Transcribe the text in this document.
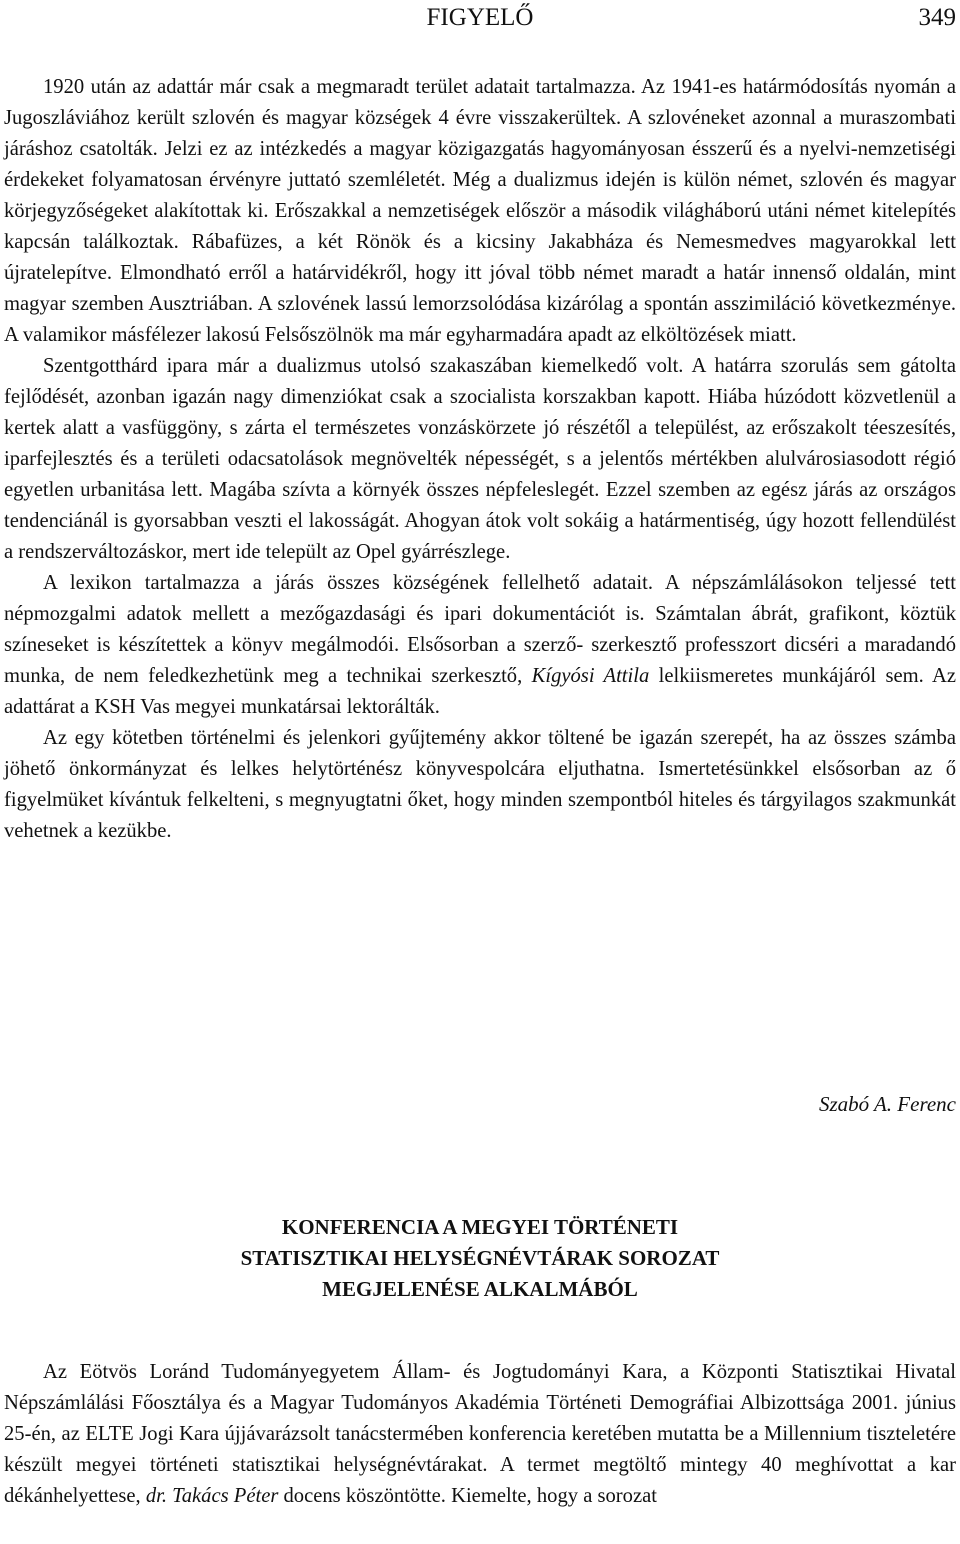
FIGYELŐ	349

1920 után az adattár már csak a megmaradt terület adatait tartalmazza. Az 1941-es határmódosítás nyomán a Jugoszláviához került szlovén és magyar községek 4 évre visszakerültek. A szlovéneket azonnal a muraszombati járáshoz csatolták. Jelzi ez az intézkedés a magyar közigazgatás hagyományosan ésszerű és a nyelvi-nemzetiségi érdekeket folyamatosan érvényre juttató szemléletét. Még a dualizmus idején is külön német, szlovén és magyar körjegyzőségeket alakítottak ki. Erőszakkal a nemzetiségek először a második világháború utáni német kitelepítés kapcsán találkoztak. Rábafüzes, a két Rönök és a kicsiny Jakabháza és Nemesmedves magyarokkal lett újratelepítve. Elmondható erről a határvidékről, hogy itt jóval több német maradt a határ innenső oldalán, mint magyar szemben Ausztriában. A szlovének lassú lemorzsolódása kizárólag a spontán asszimiláció következménye. A valamikor másfélezer lakosú Felsőszölnök ma már egyharmadára apadt az elköltözések miatt.

Szentgotthárd ipara már a dualizmus utolsó szakaszában kiemelkedő volt. A határra szorulás sem gátolta fejlődését, azonban igazán nagy dimenziókat csak a szocialista korszakban kapott. Hiába húzódott közvetlenül a kertek alatt a vasfüggöny, s zárta el természetes vonzáskörzete jó részétől a települést, az erőszakolt téeszesítés, iparfejlesztés és a területi odacsatolások megnövelték népességét, s a jelentős mértékben alulvárosiasodott régió egyetlen urbanitása lett. Magába szívta a környék összes népfeleslegét. Ezzel szemben az egész járás az országos tendenciánál is gyorsabban veszti el lakosságát. Ahogyan átok volt sokáig a határmentiség, úgy hozott fellendülést a rendszerváltozáskor, mert ide települt az Opel gyárrészlege.

A lexikon tartalmazza a járás összes községének fellelhető adatait. A népszámlálásokon teljessé tett népmozgalmi adatok mellett a mezőgazdasági és ipari dokumentációt is. Számtalan ábrát, grafikont, köztük színeseket is készítettek a könyv megálmodói. Elsősorban a szerző- szerkesztő professzort dicséri a maradandó munka, de nem feledkezhetünk meg a technikai szerkesztő, Kígyósi Attila lelkiismeretes munkájáról sem. Az adattárat a KSH Vas megyei munkatársai lektorálták.

Az egy kötetben történelmi és jelenkori gyűjtemény akkor töltené be igazán szerepét, ha az összes számba jöhető önkormányzat és lelkes helytörténész könyvespolcára eljuthatna. Ismertetésünkkel elsősorban az ő figyelmüket kívántuk felkelteni, s megnyugtatni őket, hogy minden szempontból hiteles és tárgyilagos szakmunkát vehetnek a kezükbe.

Szabó A. Ferenc
KONFERENCIA A MEGYEI TÖRTÉNETI
STATISZTIKAI HELYSÉGNÉVTÁRAK SOROZAT
MEGJELENÉSE ALKALMÁBÓL

Az Eötvös Loránd Tudományegyetem Állam- és Jogtudományi Kara, a Központi Statisztikai Hivatal Népszámlálási Főosztálya és a Magyar Tudományos Akadémia Történeti Demográfiai Albizottsága 2001. június 25-én, az ELTE Jogi Kara újjávarázsolt tanácstermében konferencia keretében mutatta be a Millennium tiszteletére készült megyei történeti statisztikai helységnévtárakat. A termet megtöltő mintegy 40 meghívottat a kar dékánhelyettese, dr. Takács Péter docens köszöntötte. Kiemelte, hogy a sorozat
